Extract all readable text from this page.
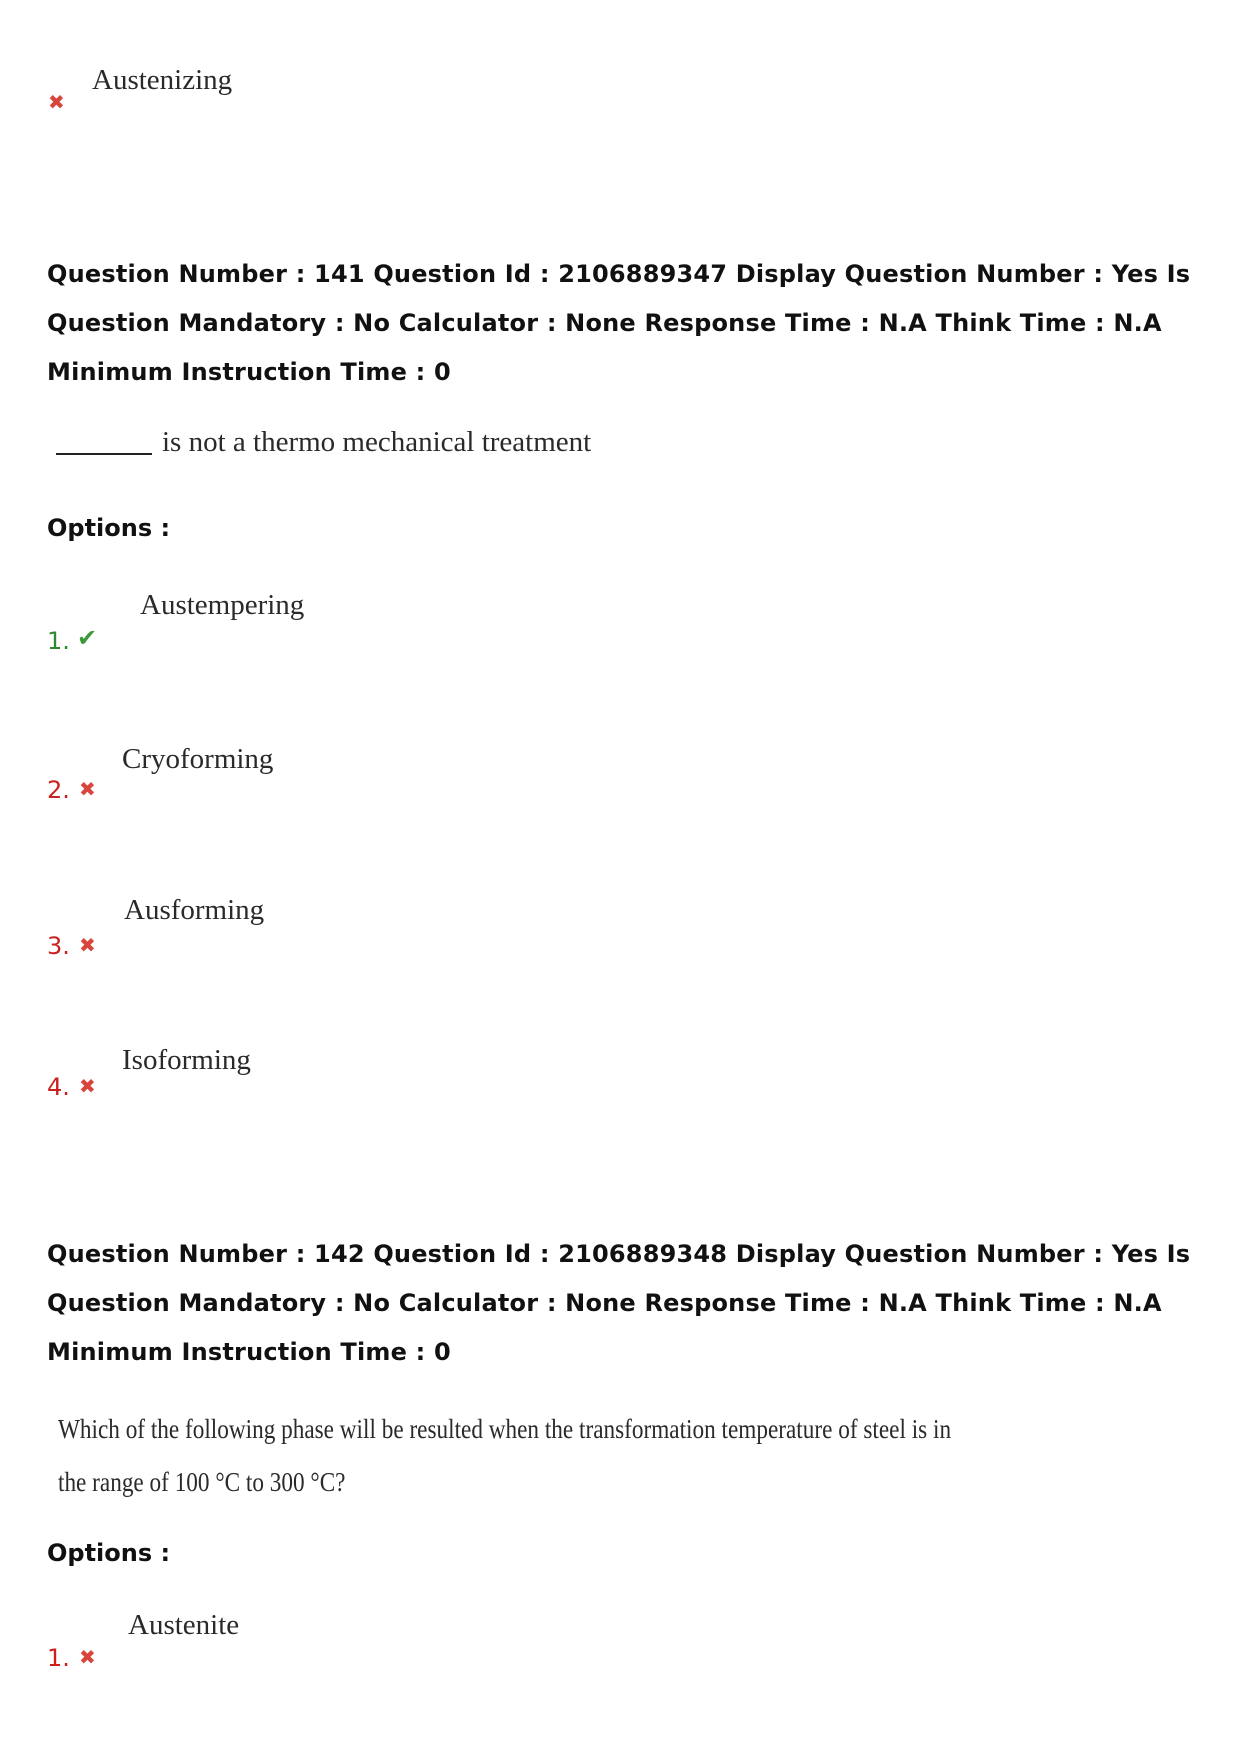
✖
Austenizing
Question Number : 141 Question Id : 2106889347 Display Question Number : Yes Is Question Mandatory : No Calculator : None Response Time : N.A Think Time : N.A Minimum Instruction Time : 0
is not a thermo mechanical treatment
Options :
1. ✔
Austempering
2. ✖
Cryoforming
3. ✖
Ausforming
4. ✖
Isoforming
Question Number : 142 Question Id : 2106889348 Display Question Number : Yes Is Question Mandatory : No Calculator : None Response Time : N.A Think Time : N.A Minimum Instruction Time : 0
Which of the following phase will be resulted when the transformation temperature of steel is in
the range of 100 °C to 300 °C?
Options :
1. ✖
Austenite
